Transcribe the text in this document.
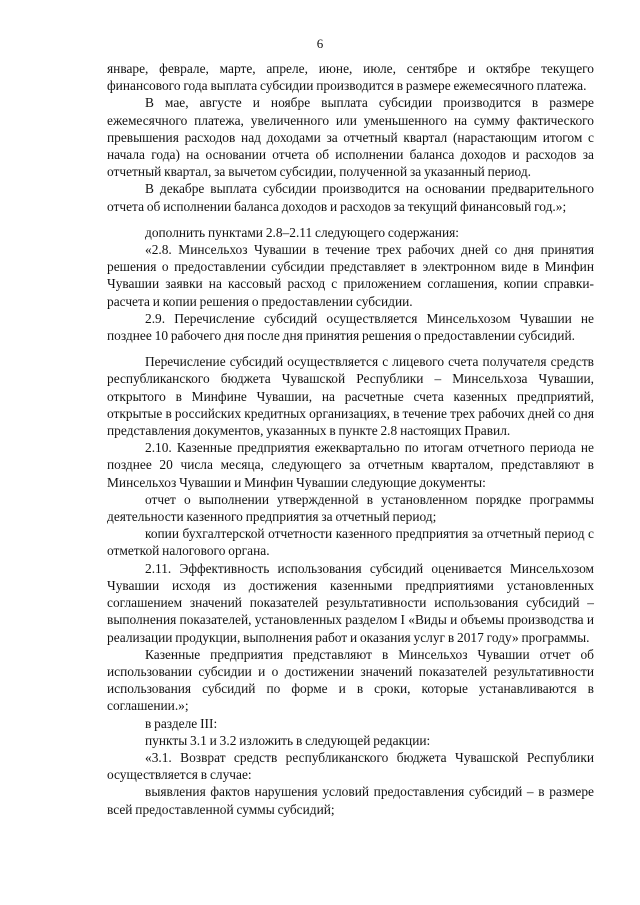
6

январе, феврале, марте, апреле, июне, июле, сентябре и октябре текущего финансового года выплата субсидии производится в размере ежемесячного платежа.

В мае, августе и ноябре выплата субсидии производится в размере ежемесячного платежа, увеличенного или уменьшенного на сумму фактического превышения расходов над доходами за отчетный квартал (нарастающим итогом с начала года) на основании отчета об исполнении баланса доходов и расходов за отчетный квартал, за вычетом субсидии, полученной за указанный период.

В декабре выплата субсидии производится на основании предварительного отчета об исполнении баланса доходов и расходов за текущий финансовый год.»;

дополнить пунктами 2.8–2.11 следующего содержания:

«2.8. Минсельхоз Чувашии в течение трех рабочих дней со дня принятия решения о предоставлении субсидии представляет в электронном виде в Минфин Чувашии заявки на кассовый расход с приложением соглашения, копии справки-расчета и копии решения о предоставлении субсидии.

2.9. Перечисление субсидий осуществляется Минсельхозом Чувашии не позднее 10 рабочего дня после дня принятия решения о предоставлении субсидий.

Перечисление субсидий осуществляется с лицевого счета получателя средств республиканского бюджета Чувашской Республики – Минсельхоза Чувашии, открытого в Минфине Чувашии, на расчетные счета казенных предприятий, открытые в российских кредитных организациях, в течение трех рабочих дней со дня представления документов, указанных в пункте 2.8 настоящих Правил.

2.10. Казенные предприятия ежеквартально по итогам отчетного периода не позднее 20 числа месяца, следующего за отчетным кварталом, представляют в Минсельхоз Чувашии и Минфин Чувашии следующие документы:

отчет о выполнении утвержденной в установленном порядке программы деятельности казенного предприятия за отчетный период;

копии бухгалтерской отчетности казенного предприятия за отчетный период с отметкой налогового органа.

2.11. Эффективность использования субсидий оценивается Минсельхозом Чувашии исходя из достижения казенными предприятиями установленных соглашением значений показателей результативности использования субсидий – выполнения показателей, установленных разделом I «Виды и объемы производства и реализации продукции, выполнения работ и оказания услуг в 2017 году» программы.

Казенные предприятия представляют в Минсельхоз Чувашии отчет об использовании субсидии и о достижении значений показателей результативности использования субсидий по форме и в сроки, которые устанавливаются в соглашении.»;

в разделе III:

пункты 3.1 и 3.2 изложить в следующей редакции:

«3.1. Возврат средств республиканского бюджета Чувашской Республики осуществляется в случае:

выявления фактов нарушения условий предоставления субсидий – в размере всей предоставленной суммы субсидий;
